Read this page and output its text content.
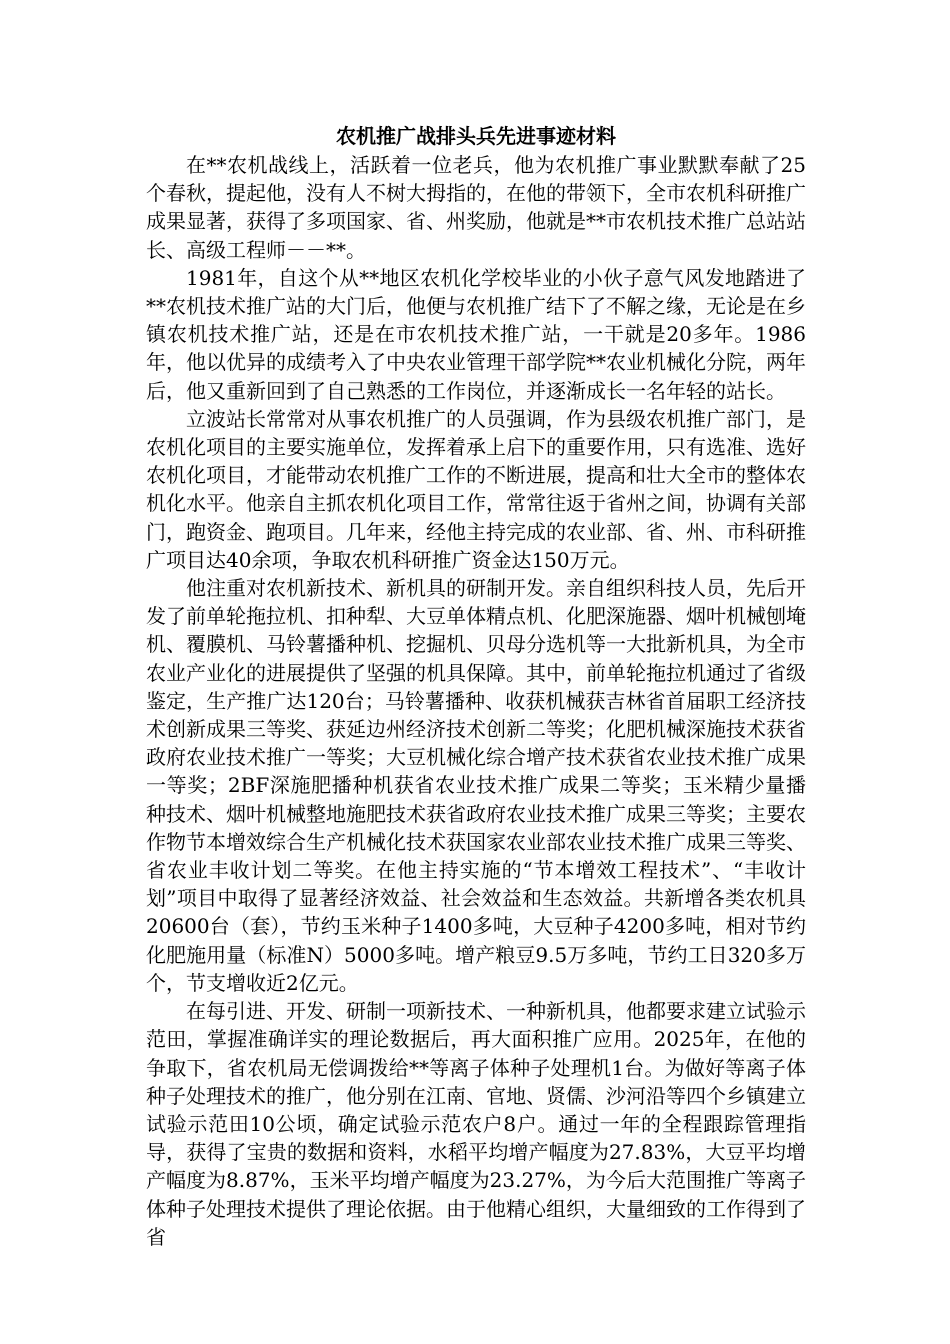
农机推广战排头兵先进事迹材料

在**农机战线上，活跃着一位老兵，他为农机推广事业默默奉献了25个春秋，提起他，没有人不树大拇指的，在他的带领下，全市农机科研推广成果显著，获得了多项国家、省、州奖励，他就是**市农机技术推广总站站长、高级工程师－－**。

1981年，自这个从**地区农机化学校毕业的小伙子意气风发地踏进了**农机技术推广站的大门后，他便与农机推广结下了不解之缘，无论是在乡镇农机技术推广站，还是在市农机技术推广站，一干就是20多年。1986年，他以优异的成绩考入了中央农业管理干部学院**农业机械化分院，两年后，他又重新回到了自己熟悉的工作岗位，并逐渐成长一名年轻的站长。

立波站长常常对从事农机推广的人员强调，作为县级农机推广部门，是农机化项目的主要实施单位，发挥着承上启下的重要作用，只有选准、选好农机化项目，才能带动农机推广工作的不断进展，提高和壮大全市的整体农机化水平。他亲自主抓农机化项目工作，常常往返于省州之间，协调有关部门，跑资金、跑项目。几年来，经他主持完成的农业部、省、州、市科研推广项目达40余项，争取农机科研推广资金达150万元。

他注重对农机新技术、新机具的研制开发。亲自组织科技人员，先后开发了前单轮拖拉机、扣种犁、大豆单体精点机、化肥深施器、烟叶机械刨埯机、覆膜机、马铃薯播种机、挖掘机、贝母分选机等一大批新机具，为全市农业产业化的进展提供了坚强的机具保障。其中，前单轮拖拉机通过了省级鉴定，生产推广达120台；马铃薯播种、收获机械获吉林省首届职工经济技术创新成果三等奖、获延边州经济技术创新二等奖；化肥机械深施技术获省政府农业技术推广一等奖；大豆机械化综合增产技术获省农业技术推广成果一等奖；2BF深施肥播种机获省农业技术推广成果二等奖；玉米精少量播种技术、烟叶机械整地施肥技术获省政府农业技术推广成果三等奖；主要农作物节本增效综合生产机械化技术获国家农业部农业技术推广成果三等奖、省农业丰收计划二等奖。在他主持实施的“节本增效工程技术”、“丰收计划”项目中取得了显著经济效益、社会效益和生态效益。共新增各类农机具20600台（套），节约玉米种子1400多吨，大豆种子4200多吨，相对节约化肥施用量（标准N）5000多吨。增产粮豆9.5万多吨，节约工日320多万个，节支增收近2亿元。

在每引进、开发、研制一项新技术、一种新机具，他都要求建立试验示范田，掌握准确详实的理论数据后，再大面积推广应用。2025年，在他的争取下，省农机局无偿调拨给**等离子体种子处理机1台。为做好等离子体种子处理技术的推广，他分别在江南、官地、贤儒、沙河沿等四个乡镇建立试验示范田10公顷，确定试验示范农户8户。通过一年的全程跟踪管理指导，获得了宝贵的数据和资料，水稻平均增产幅度为27.83%，大豆平均增产幅度为8.87%，玉米平均增产幅度为23.27%，为今后大范围推广等离子体种子处理技术提供了理论依据。由于他精心组织，大量细致的工作得到了省
